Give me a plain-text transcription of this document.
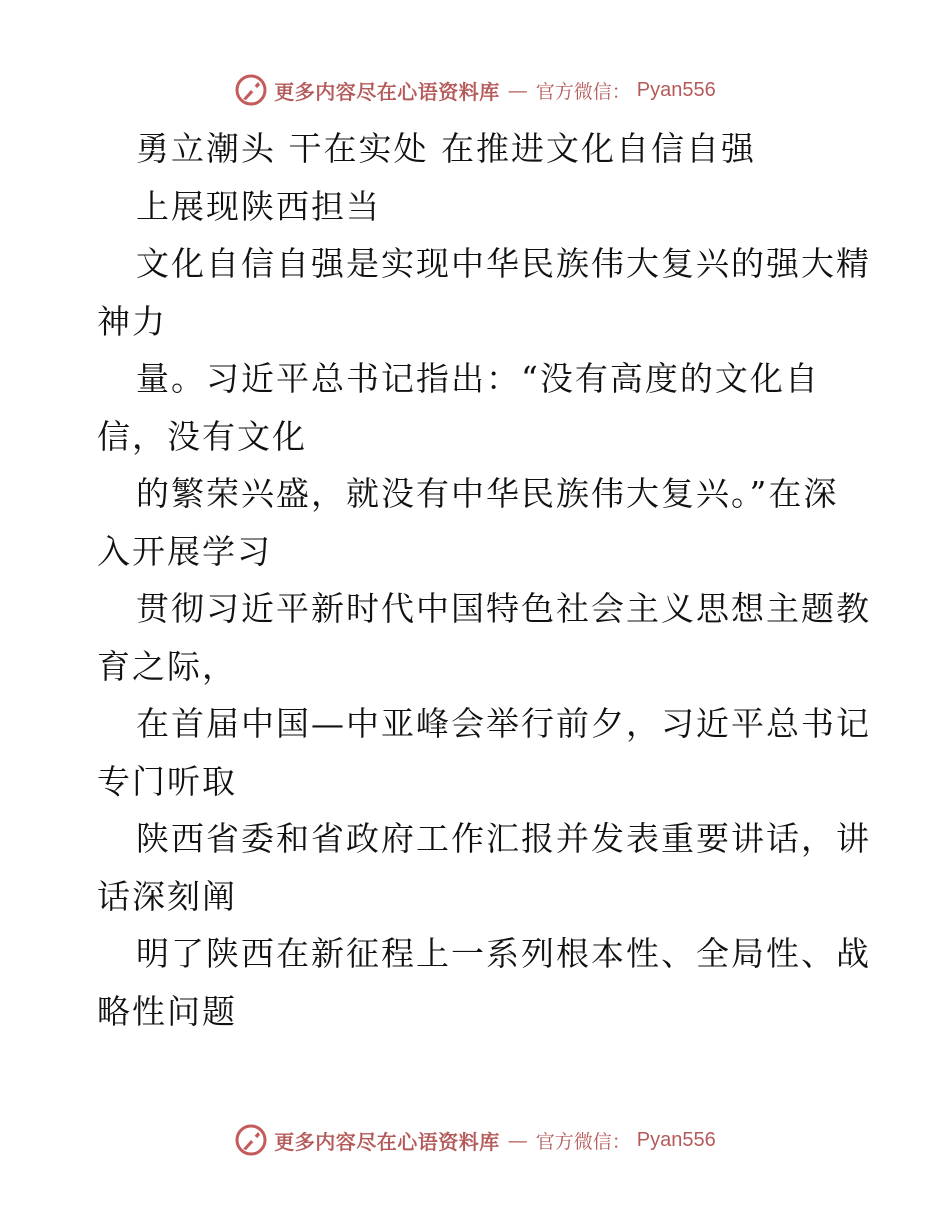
更多内容尽在心语资料库 — 官方微信： Pyan556
勇立潮头 干在实处 在推进文化自信自强
上展现陕西担当
文化自信自强是实现中华民族伟大复兴的强大精
神力
量。习近平总书记指出：“没有高度的文化自
信，没有文化
的繁荣兴盛，就没有中华民族伟大复兴。”在深
入开展学习
贯彻习近平新时代中国特色社会主义思想主题教
育之际，
在首届中国—中亚峰会举行前夕，习近平总书记
专门听取
陕西省委和省政府工作汇报并发表重要讲话，讲
话深刻阐
明了陕西在新征程上一系列根本性、全局性、战
略性问题
更多内容尽在心语资料库 — 官方微信： Pyan556
